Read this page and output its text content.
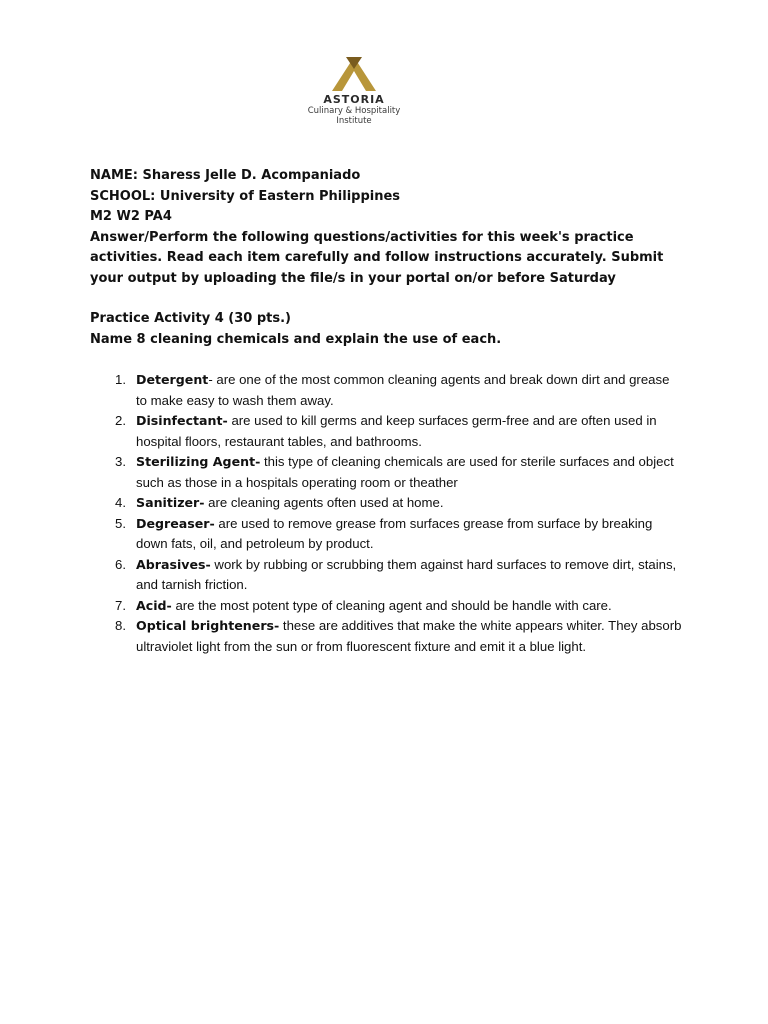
ASTORIA
Culinary & Hospitality
Institute

NAME: Sharess Jelle D. Acompaniado

SCHOOL: University of Eastern Philippines

M2 W2 PA4

Answer/Perform the following questions/activities for this week's practice activities. Read each item carefully and follow instructions accurately. Submit your output by uploading the file/s in your portal on/or before Saturday

Practice Activity 4 (30 pts.)

Name 8 cleaning chemicals and explain the use of each.

1. Detergent- are one of the most common cleaning agents and break down dirt and grease to make easy to wash them away.
2. Disinfectant- are used to kill germs and keep surfaces germ-free and are often used in hospital floors, restaurant tables, and bathrooms.
3. Sterilizing Agent- this type of cleaning chemicals are used for sterile surfaces and object such as those in a hospitals operating room or theather
4. Sanitizer- are cleaning agents often used at home.
5. Degreaser- are used to remove grease from surfaces grease from surface by breaking down fats, oil, and petroleum by product.
6. Abrasives- work by rubbing or scrubbing them against hard surfaces to remove dirt, stains, and tarnish friction.
7. Acid- are the most potent type of cleaning agent and should be handle with care.
8. Optical brighteners- these are additives that make the white appears whiter. They absorb ultraviolet light from the sun or from fluorescent fixture and emit it a blue light.
